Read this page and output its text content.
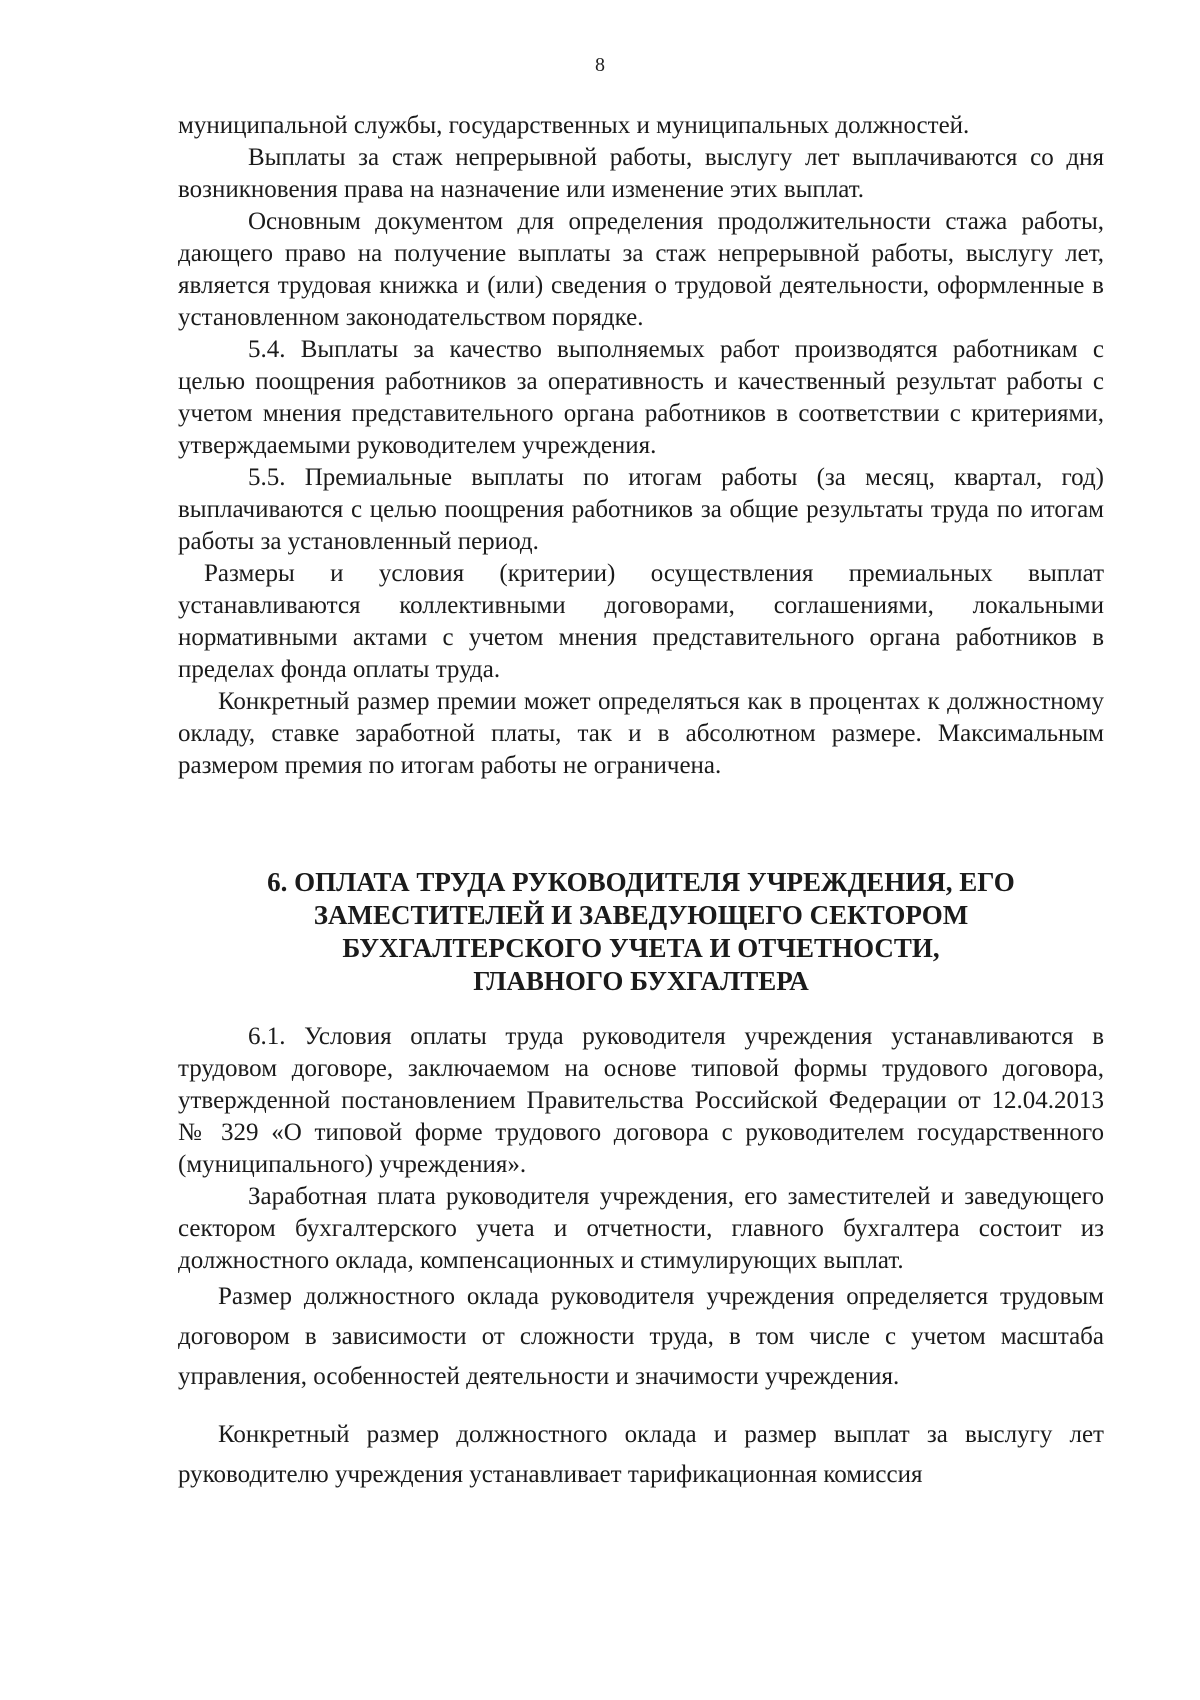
8

муниципальной службы, государственных и муниципальных должностей.

Выплаты за стаж непрерывной работы, выслугу лет выплачиваются со дня возникновения права на назначение или изменение этих выплат.

Основным документом для определения продолжительности стажа работы, дающего право на получение выплаты за стаж непрерывной работы, выслугу лет, является трудовая книжка и (или) сведения о трудовой деятельности, оформленные в установленном законодательством порядке.

5.4. Выплаты за качество выполняемых работ производятся работникам с целью поощрения работников за оперативность и качественный результат работы с учетом мнения представительного органа работников в соответствии с критериями, утверждаемыми руководителем учреждения.

5.5. Премиальные выплаты по итогам работы (за месяц, квартал, год) выплачиваются с целью поощрения работников за общие результаты труда по итогам работы за установленный период.

Размеры и условия (критерии) осуществления премиальных выплат устанавливаются коллективными договорами, соглашениями, локальными нормативными актами с учетом мнения представительного органа работников в пределах фонда оплаты труда.

Конкретный размер премии может определяться как в процентах к должностному окладу, ставке заработной платы, так и в абсолютном размере. Максимальным размером премия по итогам работы не ограничена.

6. ОПЛАТА ТРУДА РУКОВОДИТЕЛЯ УЧРЕЖДЕНИЯ, ЕГО
ЗАМЕСТИТЕЛЕЙ И ЗАВЕДУЮЩЕГО СЕКТОРОМ
БУХГАЛТЕРСКОГО УЧЕТА И ОТЧЕТНОСТИ,
ГЛАВНОГО БУХГАЛТЕРА

6.1. Условия оплаты труда руководителя учреждения устанавливаются в трудовом договоре, заключаемом на основе типовой формы трудового договора, утвержденной постановлением Правительства Российской Федерации от 12.04.2013 № 329 «О типовой форме трудового договора с руководителем государственного (муниципального) учреждения».

Заработная плата руководителя учреждения, его заместителей и заведующего сектором бухгалтерского учета и отчетности, главного бухгалтера состоит из должностного оклада, компенсационных и стимулирующих выплат.

Размер должностного оклада руководителя учреждения определяется трудовым договором в зависимости от сложности труда, в том числе с учетом масштаба управления, особенностей деятельности и значимости учреждения.

Конкретный размер должностного оклада и размер выплат за выслугу лет руководителю учреждения устанавливает тарификационная комиссия
